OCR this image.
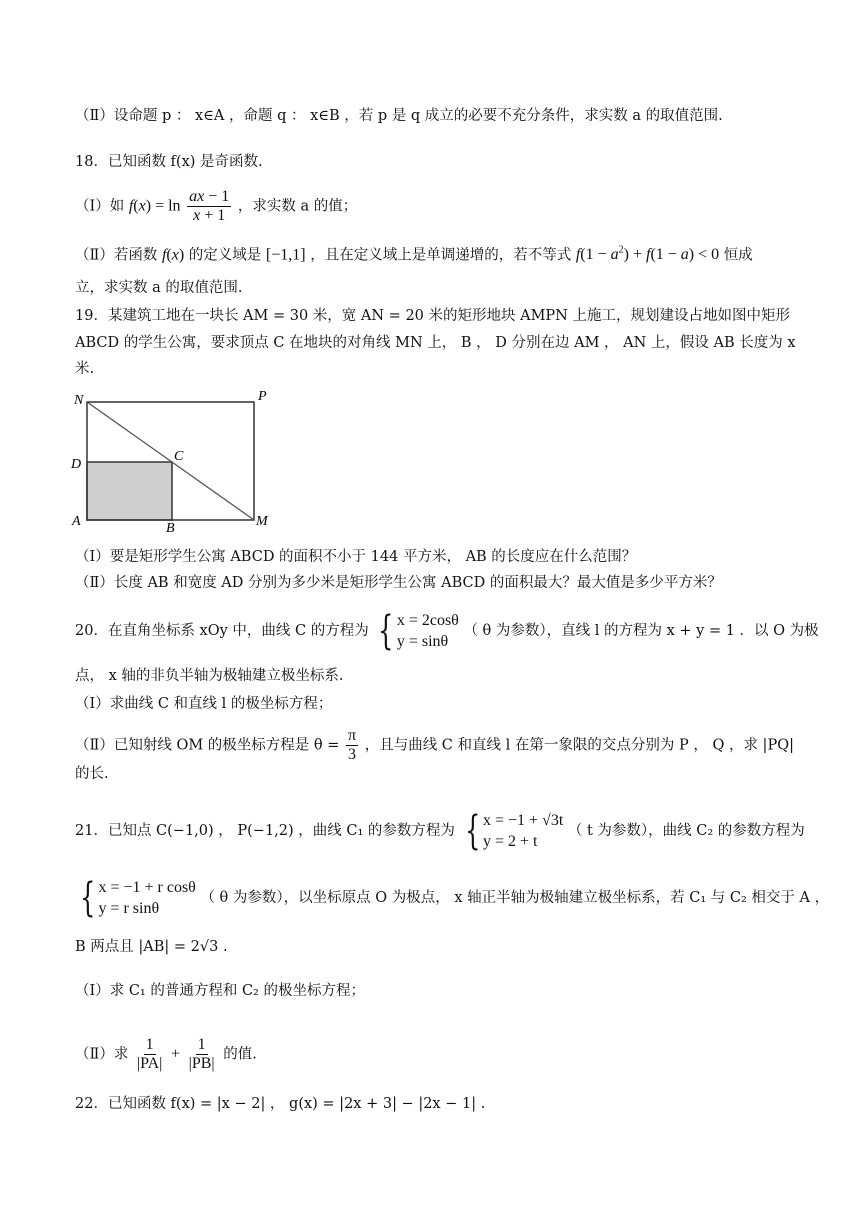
（Ⅱ）设命题 p ： x∈A ，命题 q ： x∈B ，若 p 是 q 成立的必要不充分条件，求实数 a 的取值范围.
18．已知函数 f(x) 是奇函数.
（Ⅰ）如 $f(x) = \ln \frac{ax - 1}{x + 1}$ ，求实数 a 的值；
（Ⅱ）若函数 f(x) 的定义域是 [−1,1] ，且在定义域上是单调递增的，若不等式 $f(1 - a^2) + f(1 - a) < 0$ 恒成
立，求实数 a 的取值范围.
19．某建筑工地在一块长 AM = 30 米，宽 AN = 20 米的矩形地块 AMPN 上施工，规划建设占地如图中矩形
ABCD 的学生公寓，要求顶点 C 在地块的对角线 MN 上， B ， D 分别在边 AM ， AN 上，假设 AB 长度为 x
米.
N	P
D
C
A	B	M
（Ⅰ）要是矩形学生公寓 ABCD 的面积不小于 144 平方米， AB 的长度应在什么范围？
（Ⅱ）长度 AB 和宽度 AD 分别为多少米是矩形学生公寓 ABCD 的面积最大？最大值是多少平方米？
20．在直角坐标系 xOy 中，曲线 C 的方程为 { x = 2cosθ
y = sinθ
（ θ 为参数），直线 l 的方程为 x + y = 1 ．以 O 为极
点， x 轴的非负半轴为极轴建立极坐标系.
（Ⅰ）求曲线 C 和直线 l 的极坐标方程；
（Ⅱ）已知射线 OM 的极坐标方程是 $\theta = \frac{\pi}{3}$ ，且与曲线 C 和直线 l 在第一象限的交点分别为 P ， Q ，求 |PQ|
的长.
21．已知点 C(−1,0) ， P(−1,2) ，曲线 C₁ 的参数方程为 { x = −1 + √3t
y = 2 + t
（ t 为参数），曲线 C₂ 的参数方程为
{ x = −1 + r cosθ
y = r sinθ
（ θ 为参数），以坐标原点 O 为极点， x 轴正半轴为极轴建立极坐标系，若 C₁ 与 C₂ 相交于 A ，
B 两点且 |AB| = 2√3 .
（Ⅰ）求 C₁ 的普通方程和 C₂ 的极坐标方程；
（Ⅱ）求 $\frac{1}{|PA|} + \frac{1}{|PB|}$ 的值.
22．已知函数 f(x) = |x − 2| ， g(x) = |2x + 3| − |2x − 1| .
